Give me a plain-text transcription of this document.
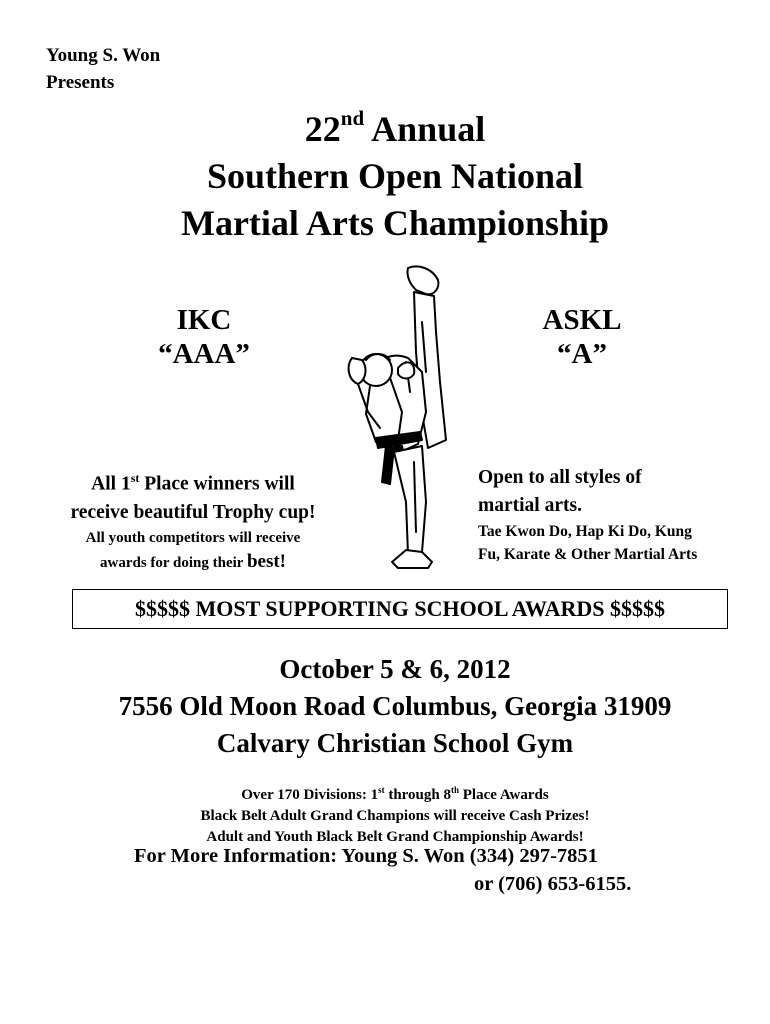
Young S. Won
Presents
22nd Annual
Southern Open National
Martial Arts Championship
IKC
“AAA”
ASKL
“A”
All 1st Place winners will
receive beautiful Trophy cup!
All youth competitors will receive
awards for doing their best!
Open to all styles of
martial arts.
Tae Kwon Do, Hap Ki Do, Kung
Fu, Karate & Other Martial Arts
$$$$$ MOST SUPPORTING SCHOOL AWARDS $$$$$
October 5 & 6, 2012
7556 Old Moon Road Columbus, Georgia 31909
Calvary Christian School Gym
Over 170 Divisions: 1st through 8th Place Awards
Black Belt Adult Grand Champions will receive Cash Prizes!
Adult and Youth Black Belt Grand Championship Awards!
For More Information: Young S. Won (334) 297-7851
or (706) 653-6155.
